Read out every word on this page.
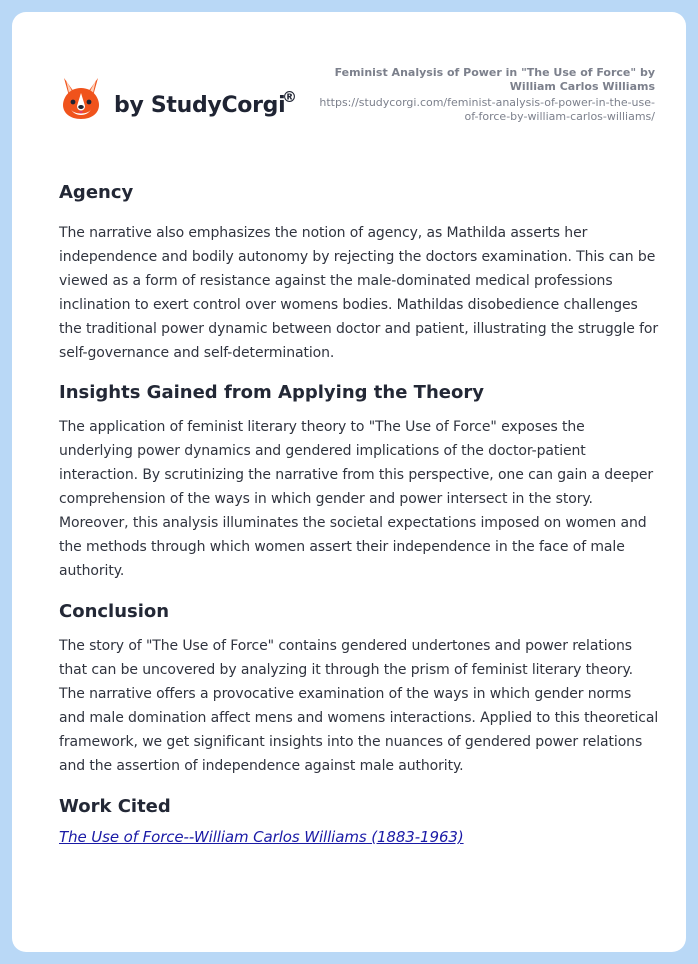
by StudyCorgi
®
Feminist Analysis of Power in "The Use of Force" by William Carlos Williams
https://studycorgi.com/feminist-analysis-of-power-in-the-use-of-force-by-william-carlos-williams/
Agency

The narrative also emphasizes the notion of agency, as Mathilda asserts her independence and bodily autonomy by rejecting the doctors examination. This can be viewed as a form of resistance against the male-dominated medical professions inclination to exert control over womens bodies. Mathildas disobedience challenges the traditional power dynamic between doctor and patient, illustrating the struggle for self-governance and self-determination.

Insights Gained from Applying the Theory

The application of feminist literary theory to "The Use of Force" exposes the underlying power dynamics and gendered implications of the doctor-patient interaction. By scrutinizing the narrative from this perspective, one can gain a deeper comprehension of the ways in which gender and power intersect in the story. Moreover, this analysis illuminates the societal expectations imposed on women and the methods through which women assert their independence in the face of male authority.

Conclusion

The story of "The Use of Force" contains gendered undertones and power relations that can be uncovered by analyzing it through the prism of feminist literary theory. The narrative offers a provocative examination of the ways in which gender norms and male domination affect mens and womens interactions. Applied to this theoretical framework, we get significant insights into the nuances of gendered power relations and the assertion of independence against male authority.

Work Cited
The Use of Force--William Carlos Williams (1883-1963)
